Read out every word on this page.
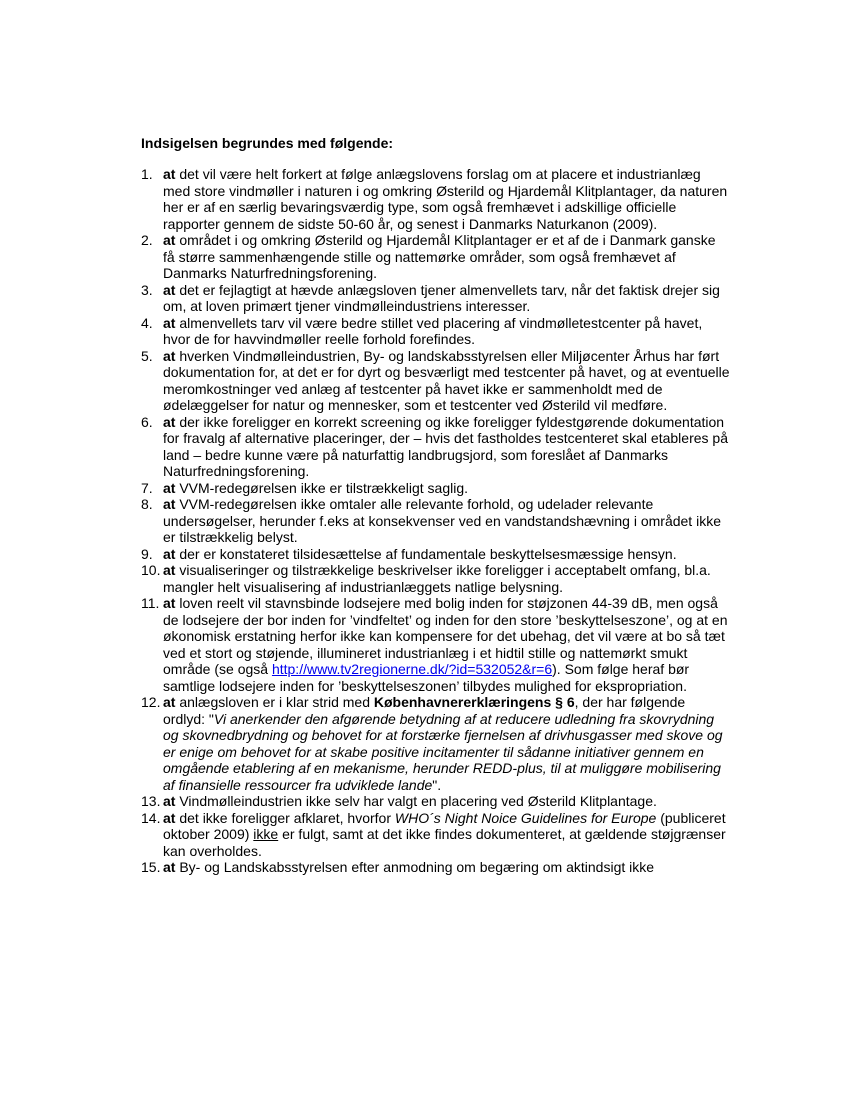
Indsigelsen begrundes med følgende:
1. at det vil være helt forkert at følge anlægslovens forslag om at placere et industrianlæg med store vindmøller i naturen i og omkring Østerild og Hjardemål Klitplantager, da naturen her er af en særlig bevaringsværdig type, som også fremhævet i adskillige officielle rapporter gennem de sidste 50-60 år, og senest i Danmarks Naturkanon (2009).
2. at området i og omkring Østerild og Hjardemål Klitplantager er et af de i Danmark ganske få større sammenhængende stille og nattemørke områder, som også fremhævet af Danmarks Naturfredningsforening.
3. at det er fejlagtigt at hævde anlægsloven tjener almenvellets tarv, når det faktisk drejer sig om, at loven primært tjener vindmølleindustriens interesser.
4. at almenvellets tarv vil være bedre stillet ved placering af vindmølletestcenter på havet, hvor de for havvindmøller reelle forhold forefindes.
5. at hverken Vindmølleindustrien, By- og landskabsstyrelsen eller Miljøcenter Århus har ført dokumentation for, at det er for dyrt og besværligt med testcenter på havet, og at eventuelle meromkostninger ved anlæg af testcenter på havet ikke er sammenholdt med de ødelæggelser for natur og mennesker, som et testcenter ved Østerild vil medføre.
6. at der ikke foreligger en korrekt screening og ikke foreligger fyldestgørende dokumentation for fravalg af alternative placeringer, der – hvis det fastholdes testcenteret skal etableres på land – bedre kunne være på naturfattig landbrugsjord, som foreslået af Danmarks Naturfredningsforening.
7. at VVM-redegørelsen ikke er tilstrækkeligt saglig.
8. at VVM-redegørelsen ikke omtaler alle relevante forhold, og udelader relevante undersøgelser, herunder f.eks at konsekvenser ved en vandstandshævning i området ikke er tilstrækkelig belyst.
9. at der er konstateret tilsidesættelse af fundamentale beskyttelsesmæssige hensyn.
10. at visualiseringer og tilstrækkelige beskrivelser ikke foreligger i acceptabelt omfang, bl.a. mangler helt visualisering af industrianlæggets natlige belysning.
11. at loven reelt vil stavnsbinde lodsejere med bolig inden for støjzonen 44-39 dB, men også de lodsejere der bor inden for ’vindfeltet’ og inden for den store ’beskyttelseszone’, og at en økonomisk erstatning herfor ikke kan kompensere for det ubehag, det vil være at bo så tæt ved et stort og støjende, illumineret industrianlæg i et hidtil stille og nattemørkt smukt område (se også http://www.tv2regionerne.dk/?id=532052&r=6). Som følge heraf bør samtlige lodsejere inden for ’beskyttelseszonen’ tilbydes mulighed for ekspropriation.
12. at anlægsloven er i klar strid med Københavnererklæringens § 6, der har følgende ordlyd: "Vi anerkender den afgørende betydning af at reducere udledning fra skovrydning og skovnedbrydning og behovet for at forstærke fjernelsen af drivhusgasser med skove og er enige om behovet for at skabe positive incitamenter til sådanne initiativer gennem en omgående etablering af en mekanisme, herunder REDD-plus, til at muliggøre mobilisering af finansielle ressourcer fra udviklede lande".
13. at Vindmølleindustrien ikke selv har valgt en placering ved Østerild Klitplantage.
14. at det ikke foreligger afklaret, hvorfor WHO´s Night Noice Guidelines for Europe (publiceret oktober 2009) ikke er fulgt, samt at det ikke findes dokumenteret, at gældende støjgrænser kan overholdes.
15. at By- og Landskabsstyrelsen efter anmodning om begæring om aktindsigt ikke
